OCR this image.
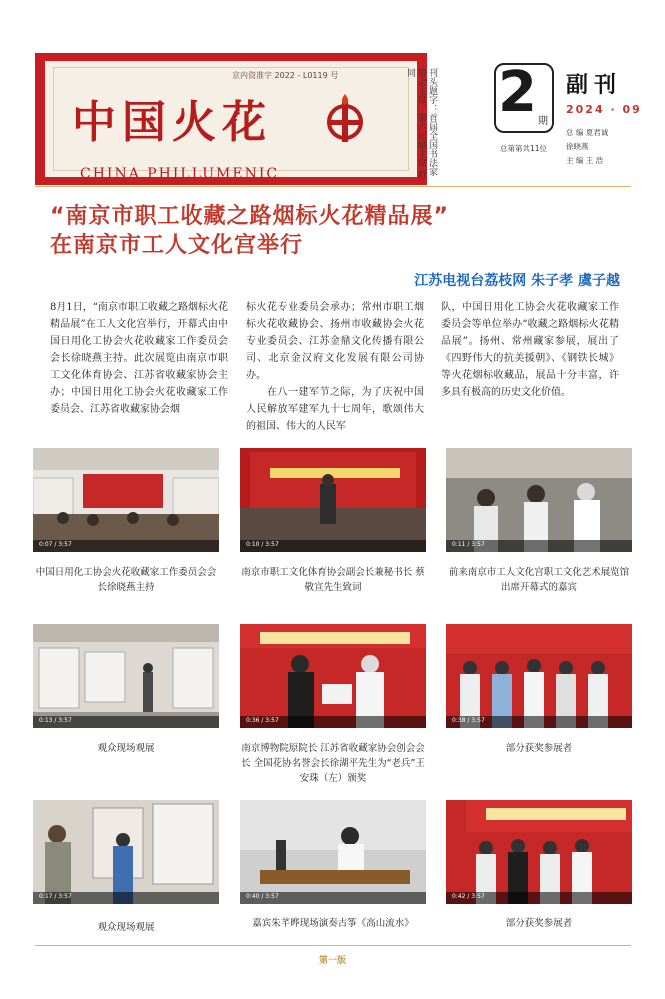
中国火花
CHINA PHILLUMENIC
京内资准字 2022 - L0119 号	刊头题字：首届全国书法家协会主席、第六届副主席 舒同	2 期
总第第共11位
副刊
2024 · 09
总 编 夏君诚
徐晓燕
主 编 王 浩
“南京市职工收藏之路烟标火花精品展”
在南京市工人文化宫举行
江苏电视台荔枝网 朱子孝 虞子越
8月1日，“南京市职工收藏之路烟标火花精品展”在工人文化宫举行，开幕式由中国日用化工协会火花收藏家工作委员会会长徐晓燕主持。此次展览由南京市职工文化体育协会、江苏省收藏家协会主办；中国日用化工协会火花收藏家工作委员会、江苏省收藏家协会烟
标火花专业委员会承办；常州市职工烟标火花收藏协会、扬州市收藏协会火花专业委员会、江苏金鼎文化传播有限公司、北京金汉府文化发展有限公司协办。
　　在八一建军节之际，为了庆祝中国人民解放军建军九十七周年，歌颂伟大的祖国、伟大的人民军
队，中国日用化工协会火花收藏家工作委员会等单位举办“收藏之路烟标火花精品展”。扬州、常州藏家参展，展出了《四野伟大的抗美援朝》、《钢铁长城》等火花烟标收藏品，展品十分丰富，许多具有极高的历史文化价值。
0:07 / 3:57	0:10 / 3:57	0:11 / 3:57
中国日用化工协会火花收藏家工作委员会会长徐晓燕主持
南京市职工文化体育协会副会长兼秘书长 蔡敬宣先生致词
前来南京市工人文化宫职工文化艺术展览馆出席开幕式的嘉宾
0:13 / 3:57	0:36 / 3:57	0:38 / 3:57
观众现场观展	南京博物院原院长 江苏省收藏家协会创会会长 全国花协名誉会长徐湖平先生为“老兵”王安珠（左）颁奖
部分获奖参展者
0:17 / 3:57	0:40 / 3:57	0:42 / 3:57
观众现场观展	嘉宾朱芊晔现场演奏古筝《高山流水》	部分获奖参展者
第一版
